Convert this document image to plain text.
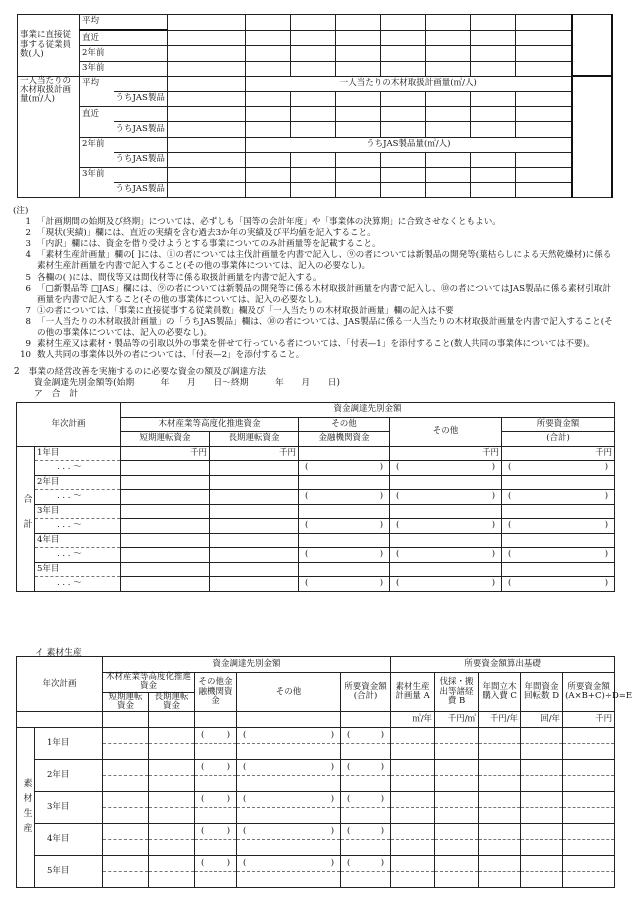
事業に直接従事する従業員数(人)	平均										
	直近										
	2年前										
	3年前										
一人当たりの木材取扱計画量(㎥/人)	平均			一人当たりの木材取扱計画量(㎥/人)							
		うちJAS製品									
	直近										
		うちJAS製品									
	2年前			うちJAS製品量(㎥/人)							
		うちJAS製品									
	3年前										
		うちJAS製品									
(注)
1 「計画期間の始期及び終期」については、必ずしも「国等の会計年度」や「事業体の決算期」に合致させなくともよい。
2 「現状(実績)」欄には、直近の実績を含む過去3か年の実績及び平均値を記入すること。
3 「内訳」欄には、資金を借り受けようとする事業についてのみ計画量等を記載すること。
4 「素材生産計画量」欄の[ ]には、①の者については主伐計画量を内書で記入し、⑨の者については新製品の開発等(葉枯らしによる天然乾燥材)に係る素材生産計画量を内書で記入すること(その他の事業体については、記入の必要なし)。
5 各欄の( )には、間伐等又は間伐材等に係る取扱計画量を内書で記入する。
6 「□新製品等 □JAS」欄には、⑨の者については新製品の開発等に係る木材取扱計画量を内書で記入し、⑩の者についてはJAS製品に係る素材引取計画量を内書で記入すること(その他の事業体については、記入の必要なし)。
7 ①の者については、「事業に直接従事する従業員数」欄及び「一人当たりの木材取扱計画量」欄の記入は不要
8 「一人当たりの木材取扱計画量」の「うちJAS製品」欄は、⑩の者については、JAS製品に係る一人当たりの木材取扱計画量を内書で記入すること(その他の事業体については、記入の必要なし)。
9 素材生産又は素材・製品等の引取以外の事業を併せて行っている者については、「付表—1」を添付すること(数人共同の事業体については不要)。
10 数人共同の事業体以外の者については、「付表—2」を添付すること。
2　事業の経営改善を実施するのに必要な資金の額及び調達方法
資金調達先別金額等(始期　　　年　　月　　日～終期　　　年　　月　　日)
ア　合　計
年次計画		資金調達先別金額				
		木材産業等高度化推進資金		その他	その他	所要資金額
		短期運転資金	長期運転資金	金融機関資金		(合計)
合計	1年目	千円	千円		千円	千円
	. . . ～			( )	( )	( )

	2年目					
	. . . ～			( )	( )	( )

	3年目					
	. . . ～			( )	( )	( )

	4年目					
	. . . ～			( )	( )	( )

	5年目					
	. . . ～			( )	( )	( )
イ 素材生産
年次計画		資金調達先別金額					所要資金額算出基礎				
		木材産業等高度化推進資金		その他金融機関資金	その他	所要資金額(合計)	素材生産計画量 A	伐採・搬出等諸経費 B	年間立木購入費 C	年間資金回転数 D	所要資金額(A×B+C)÷D=E

		短期運転資金	長期運転資金								

							㎥/年	千円/㎥	千円/年	回/年	千円
素材生産	1年目			( )	( )	( )					

	2年目			( )	( )	( )					

	3年目			( )	( )	( )					

	4年目			( )	( )	( )					

	5年目			( )	( )	( )					
